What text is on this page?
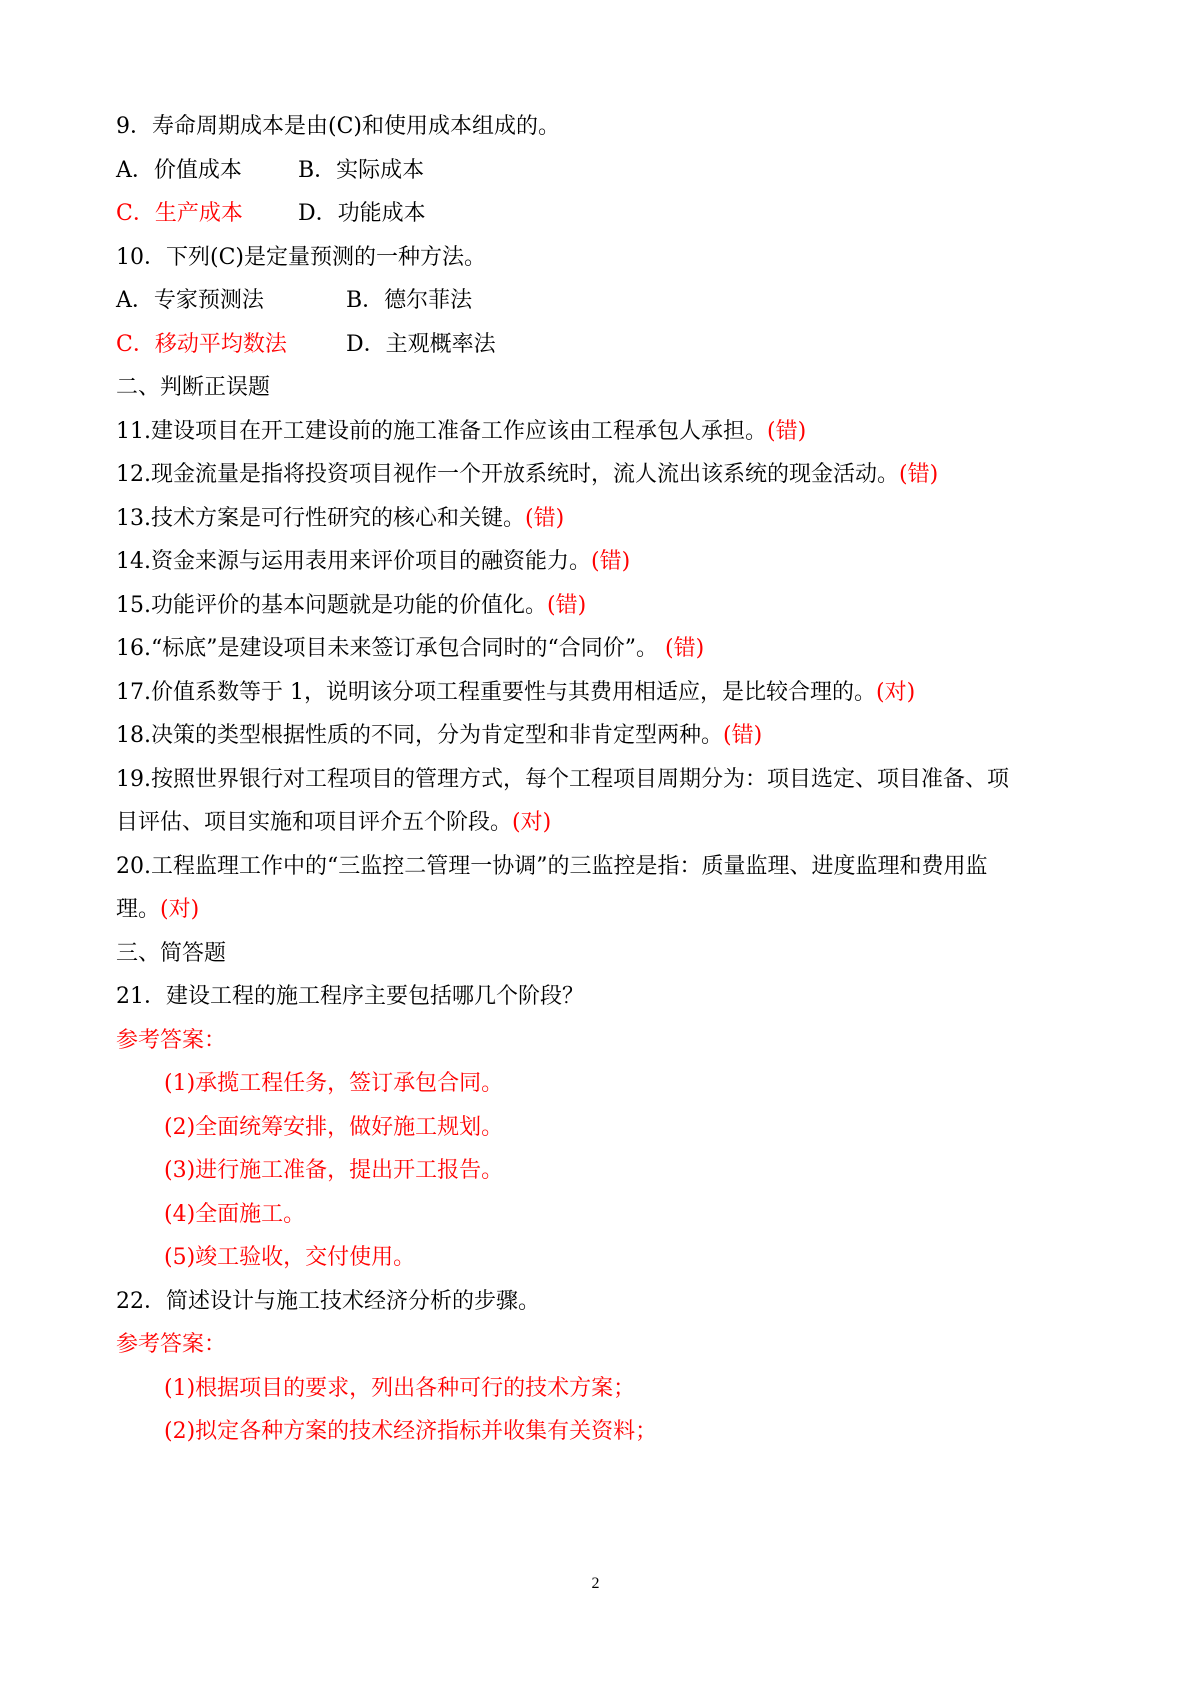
9．寿命周期成本是由(C)和使用成本组成的。
A．价值成本	B．实际成本
C．生产成本	D．功能成本
10．下列(C)是定量预测的一种方法。
A．专家预测法	B．德尔菲法
C．移动平均数法	D．主观概率法
二、判断正误题
11.建设项目在开工建设前的施工准备工作应该由工程承包人承担。(错)
12.现金流量是指将投资项目视作一个开放系统时，流人流出该系统的现金活动。(错)
13.技术方案是可行性研究的核心和关键。(错)
14.资金来源与运用表用来评价项目的融资能力。(错)
15.功能评价的基本问题就是功能的价值化。(错)
16.“标底”是建设项目未来签订承包合同时的“合同价”。 (错)
17.价值系数等于 1，说明该分项工程重要性与其费用相适应，是比较合理的。(对)
18.决策的类型根据性质的不同，分为肯定型和非肯定型两种。(错)
19.按照世界银行对工程项目的管理方式，每个工程项目周期分为：项目选定、项目准备、项
目评估、项目实施和项目评介五个阶段。(对)
20.工程监理工作中的“三监控二管理一协调”的三监控是指：质量监理、进度监理和费用监
理。(对)
三、简答题
21．建设工程的施工程序主要包括哪几个阶段？
参考答案：
(1)承揽工程任务，签订承包合同。
(2)全面统筹安排，做好施工规划。
(3)进行施工准备，提出开工报告。
(4)全面施工。
(5)竣工验收，交付使用。
22．简述设计与施工技术经济分析的步骤。
参考答案：
(1)根据项目的要求，列出各种可行的技术方案；
(2)拟定各种方案的技术经济指标并收集有关资料；
2
